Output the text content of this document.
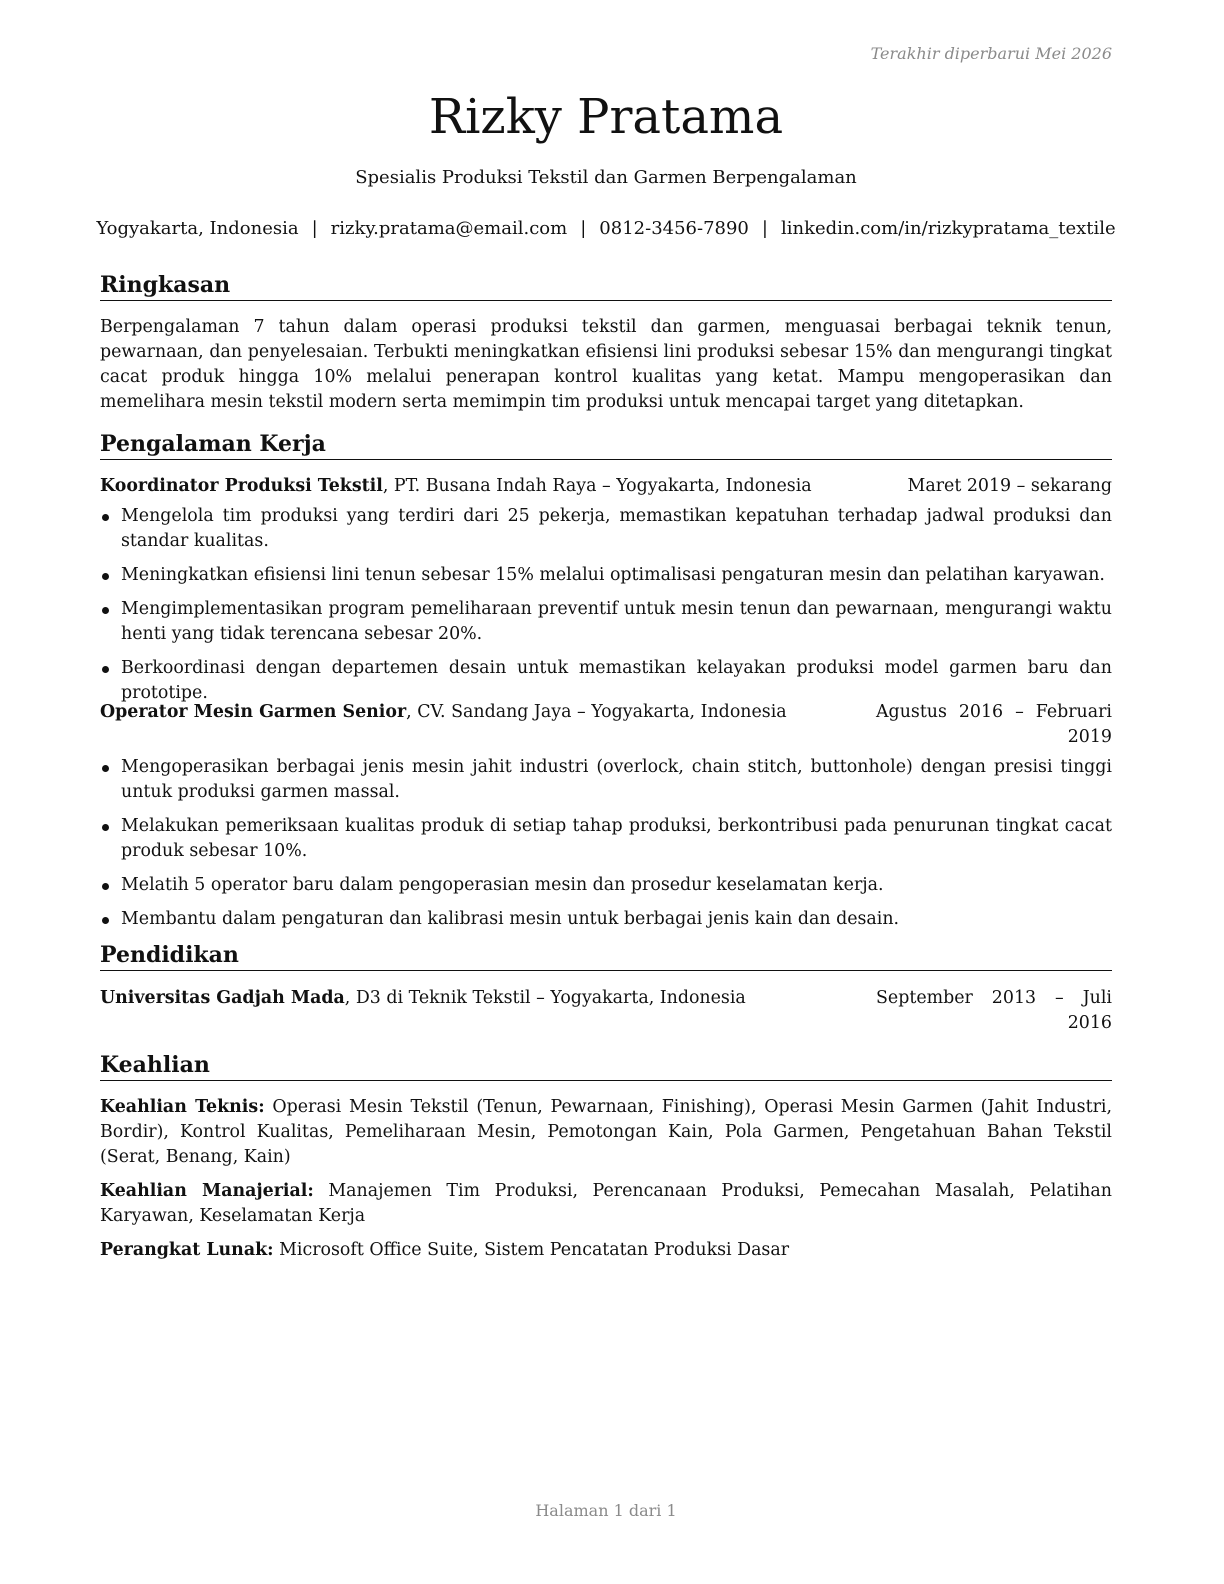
Terakhir diperbarui Mei 2026
Rizky Pratama
Spesialis Produksi Tekstil dan Garmen Berpengalaman
Yogyakarta, Indonesia | rizky.pratama@email.com | 0812-3456-7890 | linkedin.com/in/rizkypratama_textile
Ringkasan
Berpengalaman 7 tahun dalam operasi produksi tekstil dan garmen, menguasai berbagai teknik tenun, pewarnaan, dan penyelesaian. Terbukti meningkatkan efisiensi lini produksi sebesar 15% dan mengurangi tingkat cacat produk hingga 10% melalui penerapan kontrol kualitas yang ketat. Mampu mengoperasikan dan memelihara mesin tekstil modern serta memimpin tim produksi untuk mencapai target yang ditetapkan.
Pengalaman Kerja
Koordinator Produksi Tekstil, PT. Busana Indah Raya – Yogyakarta, Indonesia	Maret 2019 – sekarang
Mengelola tim produksi yang terdiri dari 25 pekerja, memastikan kepatuhan terhadap jadwal produksi dan standar kualitas.
Meningkatkan efisiensi lini tenun sebesar 15% melalui optimalisasi pengaturan mesin dan pelatihan karyawan.
Mengimplementasikan program pemeliharaan preventif untuk mesin tenun dan pewarnaan, mengurangi waktu henti yang tidak terencana sebesar 20%.
Berkoordinasi dengan departemen desain untuk memastikan kelayakan produksi model garmen baru dan prototipe.
Operator Mesin Garmen Senior, CV. Sandang Jaya – Yogyakarta, Indonesia	Agustus 2016 – Februari 2019
Mengoperasikan berbagai jenis mesin jahit industri (overlock, chain stitch, buttonhole) dengan presisi tinggi untuk produksi garmen massal.
Melakukan pemeriksaan kualitas produk di setiap tahap produksi, berkontribusi pada penurunan tingkat cacat produk sebesar 10%.
Melatih 5 operator baru dalam pengoperasian mesin dan prosedur keselamatan kerja.
Membantu dalam pengaturan dan kalibrasi mesin untuk berbagai jenis kain dan desain.
Pendidikan
Universitas Gadjah Mada, D3 di Teknik Tekstil – Yogyakarta, Indonesia	September 2013 – Juli 2016
Keahlian
Keahlian Teknis: Operasi Mesin Tekstil (Tenun, Pewarnaan, Finishing), Operasi Mesin Garmen (Jahit Industri, Bordir), Kontrol Kualitas, Pemeliharaan Mesin, Pemotongan Kain, Pola Garmen, Pengetahuan Bahan Tekstil (Serat, Benang, Kain)
Keahlian Manajerial: Manajemen Tim Produksi, Perencanaan Produksi, Pemecahan Masalah, Pelatihan Karyawan, Keselamatan Kerja
Perangkat Lunak: Microsoft Office Suite, Sistem Pencatatan Produksi Dasar
Halaman 1 dari 1
